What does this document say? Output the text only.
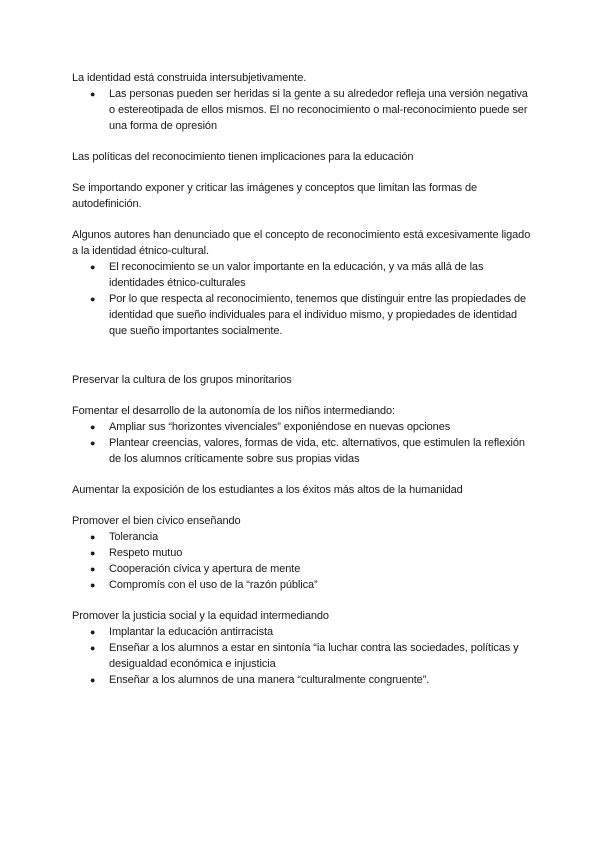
La identidad está construida intersubjetivamente.

● Las personas pueden ser heridas si la gente a su alrededor refleja una versión negativa o estereotipada de ellos mismos. El no reconocimiento o mal-reconocimiento puede ser una forma de opresión

Las políticas del reconocimiento tienen implicaciones para la educación

Se importando exponer y criticar las imágenes y conceptos que limitan las formas de autodefinición.

Algunos autores han denunciado que el concepto de reconocimiento está excesivamente ligado a la identidad étnico-cultural.

● El reconocimiento se un valor importante en la educación, y va más allá de las identidades étnico-culturales
● Por lo que respecta al reconocimiento, tenemos que distinguir entre las propiedades de identidad que sueño individuales para el individuo mismo, y propiedades de identidad que sueño importantes socialmente.

Preservar la cultura de los grupos minoritarios

Fomentar el desarrollo de la autonomía de los niños intermediando:

● Ampliar sus “horizontes vivenciales” exponiéndose en nuevas opciones
● Plantear creencias, valores, formas de vida, etc. alternativos, que estimulen la reflexión de los alumnos críticamente sobre sus propias vidas

Aumentar la exposición de los estudiantes a los éxitos más altos de la humanidad

Promover el bien cívico enseñando

● Tolerancia
● Respeto mutuo
● Cooperación cívica y apertura de mente
● Compromís con el uso de la “razón pública”

Promover la justicia social y la equidad intermediando

● Implantar la educación antirracista
● Enseñar a los alumnos a estar en sintonía “ia luchar contra las sociedades, políticas y desigualdad económica e injusticia
● Enseñar a los alumnos de una manera “culturalmente congruente”.
